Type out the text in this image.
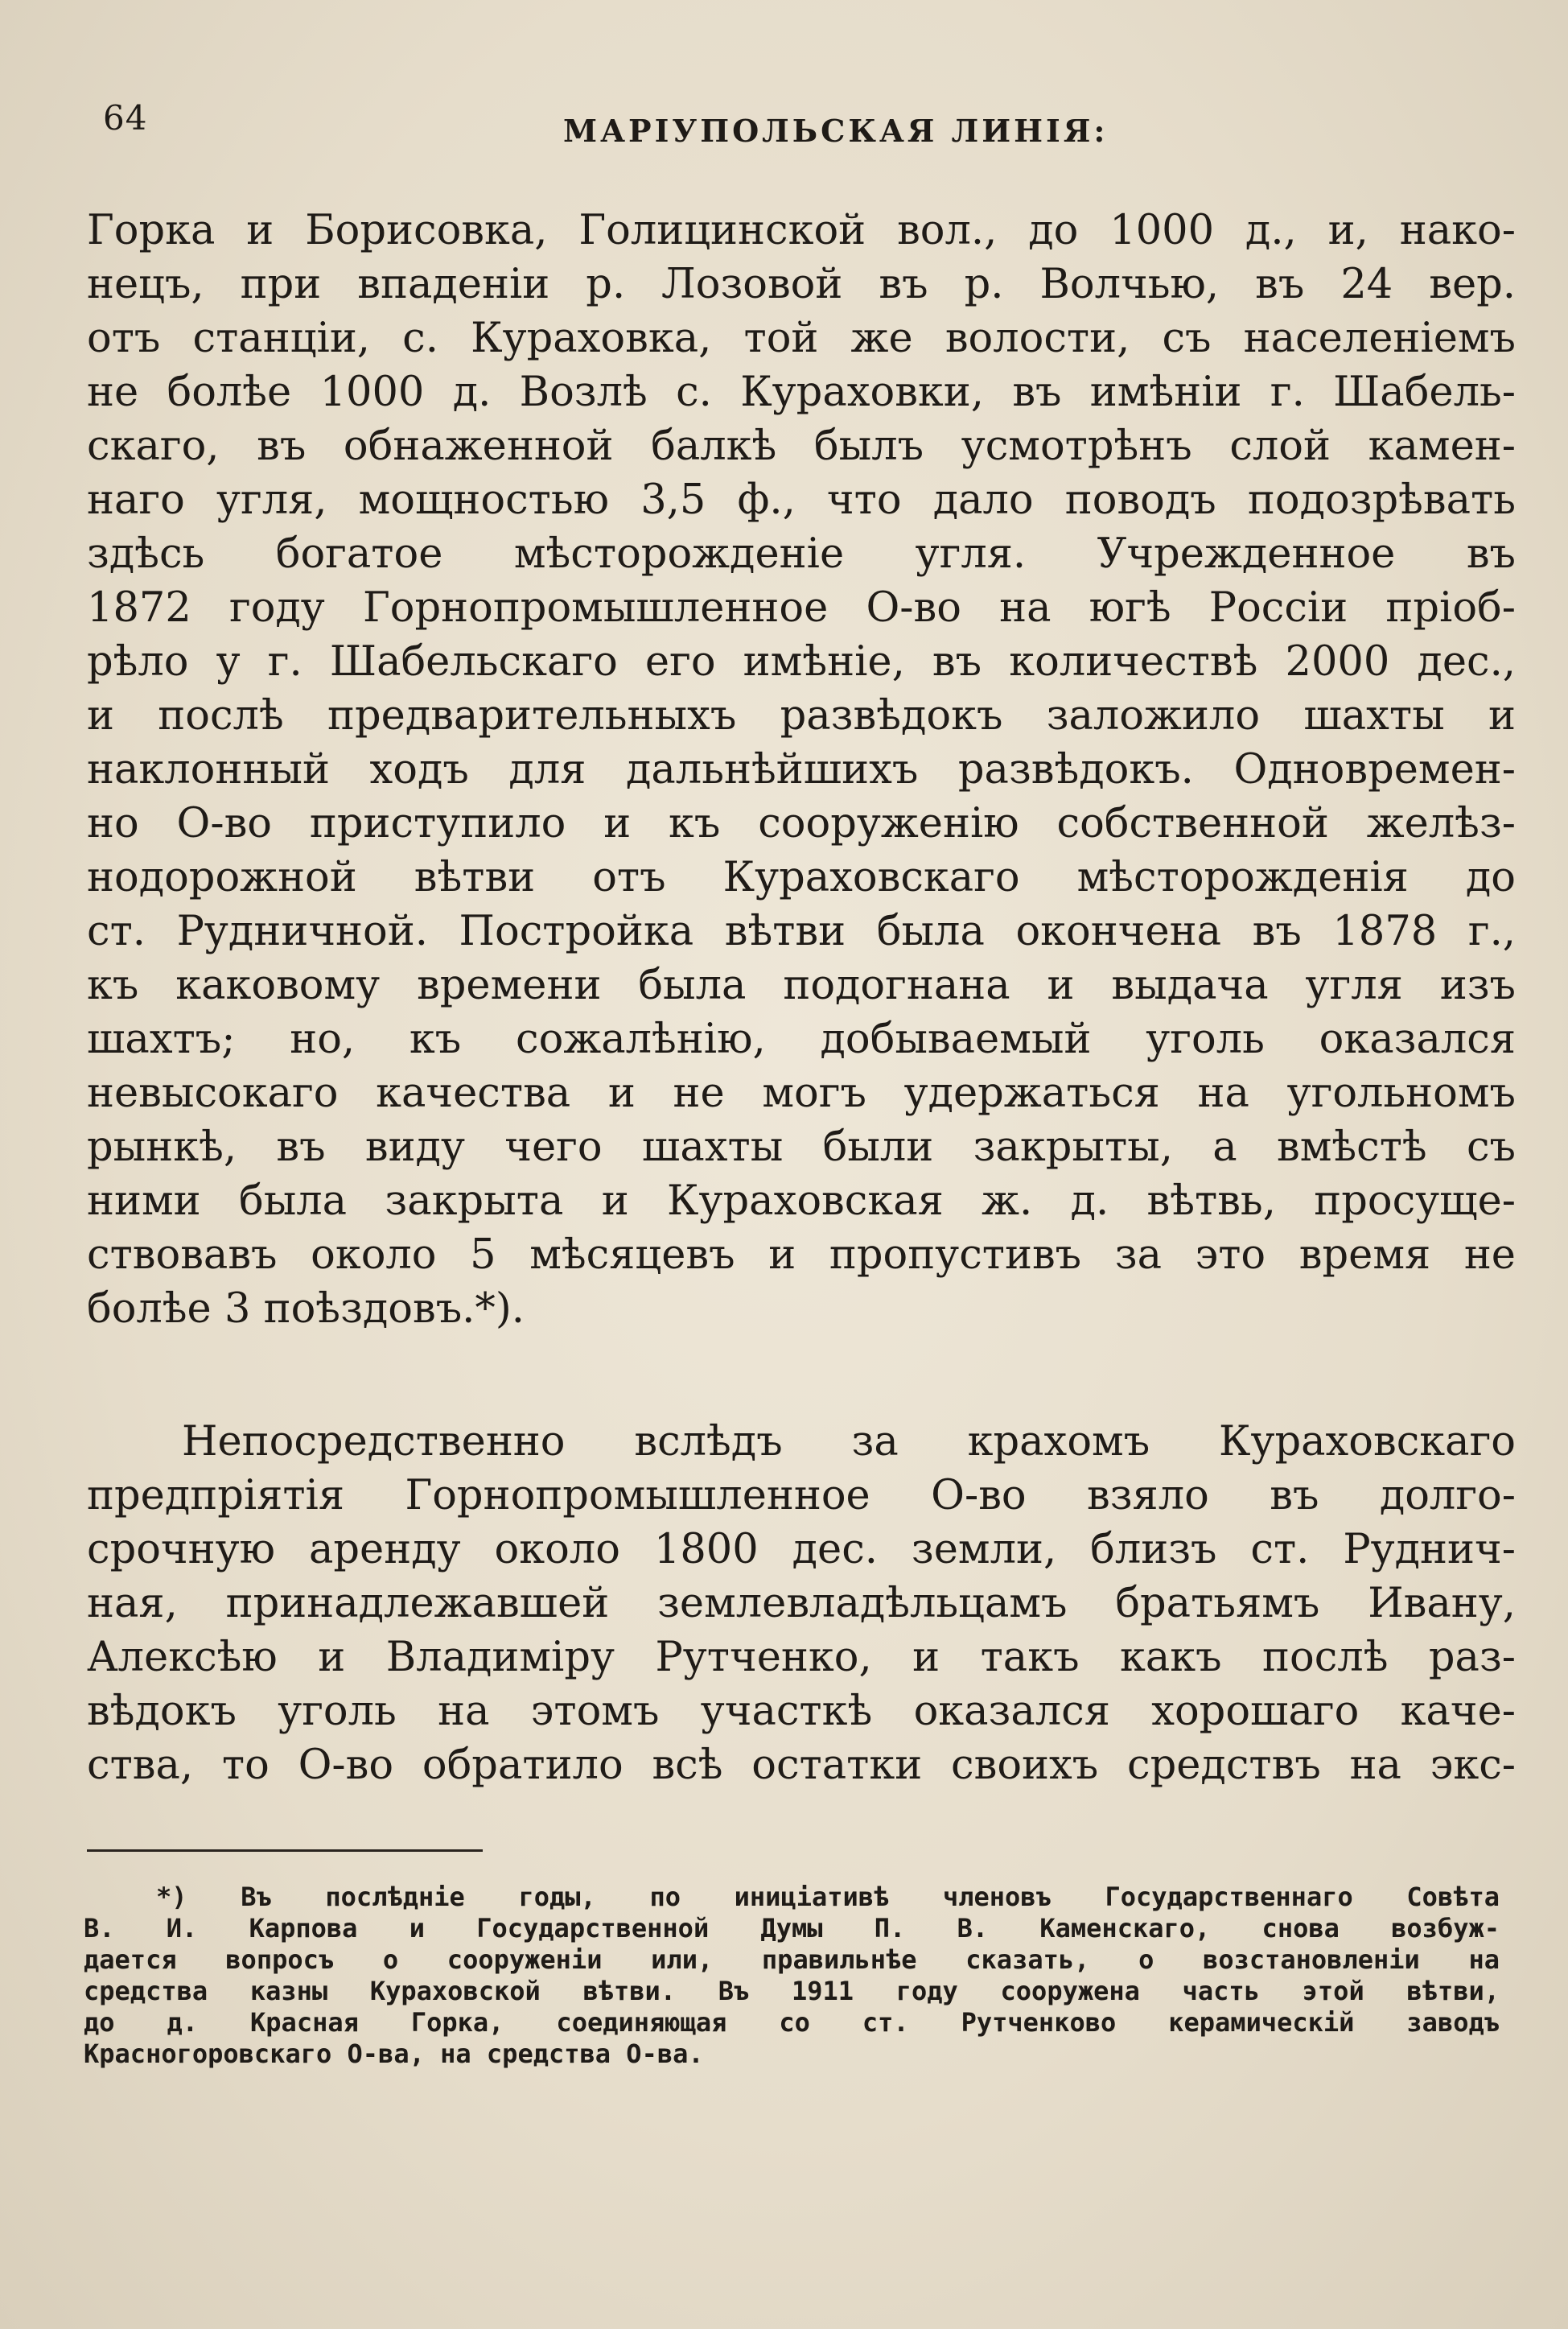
64	МАРІУПОЛЬСКАЯ ЛИНІЯ:
Горка и Борисовка, Голицинской вол., до 1000 д., и, нако-
нецъ, при впаденіи р. Лозовой въ р. Волчью, въ 24 вер.
отъ станціи, с. Кураховка, той же волости, съ населеніемъ
не болѣе 1000 д. Возлѣ с. Кураховки, въ имѣніи г. Шабель-
скаго, въ обнаженной балкѣ былъ усмотрѣнъ слой камен-
наго угля, мощностью 3,5 ф., что дало поводъ подозрѣвать
здѣсь богатое мѣсторожденіе угля. Учрежденное въ
1872 году Горнопромышленное О-во на югѣ Россіи пріоб-
рѣло у г. Шабельскаго его имѣніе, въ количествѣ 2000 дес.,
и послѣ предварительныхъ развѣдокъ заложило шахты и
наклонный ходъ для дальнѣйшихъ развѣдокъ. Одновремен-
но О-во приступило и къ сооруженію собственной желѣз-
нодорожной вѣтви отъ Кураховскаго мѣсторожденія до
ст. Рудничной. Постройка вѣтви была окончена въ 1878 г.,
къ каковому времени была подогнана и выдача угля изъ
шахтъ; но, къ сожалѣнію, добываемый уголь оказался
невысокаго качества и не могъ удержаться на угольномъ
рынкѣ, въ виду чего шахты были закрыты, а вмѣстѣ съ
ними была закрыта и Кураховская ж. д. вѣтвь, просуще-
ствовавъ около 5 мѣсяцевъ и пропустивъ за это время не
болѣе 3 поѣздовъ.*).
Непосредственно вслѣдъ за крахомъ Кураховскаго
предпріятія Горнопромышленное О-во взяло въ долго-
срочную аренду около 1800 дес. земли, близъ ст. Руднич-
ная, принадлежавшей землевладѣльцамъ братьямъ Ивану,
Алексѣю и Владиміру Рутченко, и такъ какъ послѣ раз-
вѣдокъ уголь на этомъ участкѣ оказался хорошаго каче-
ства, то О-во обратило всѣ остатки своихъ средствъ на экс-
*) Въ послѣдніе годы, по иниціативѣ членовъ Государственнаго Совѣта
В. И. Карпова и Государственной Думы П. В. Каменскаго, снова возбуж-
дается вопросъ о сооруженіи или, правильнѣе сказать, о возстановленіи на
средства казны Кураховской вѣтви. Въ 1911 году сооружена часть этой вѣтви,
до д. Красная Горка, соединяющая со ст. Рутченково керамическій заводъ
Красногоровскаго О-ва, на средства О-ва.
